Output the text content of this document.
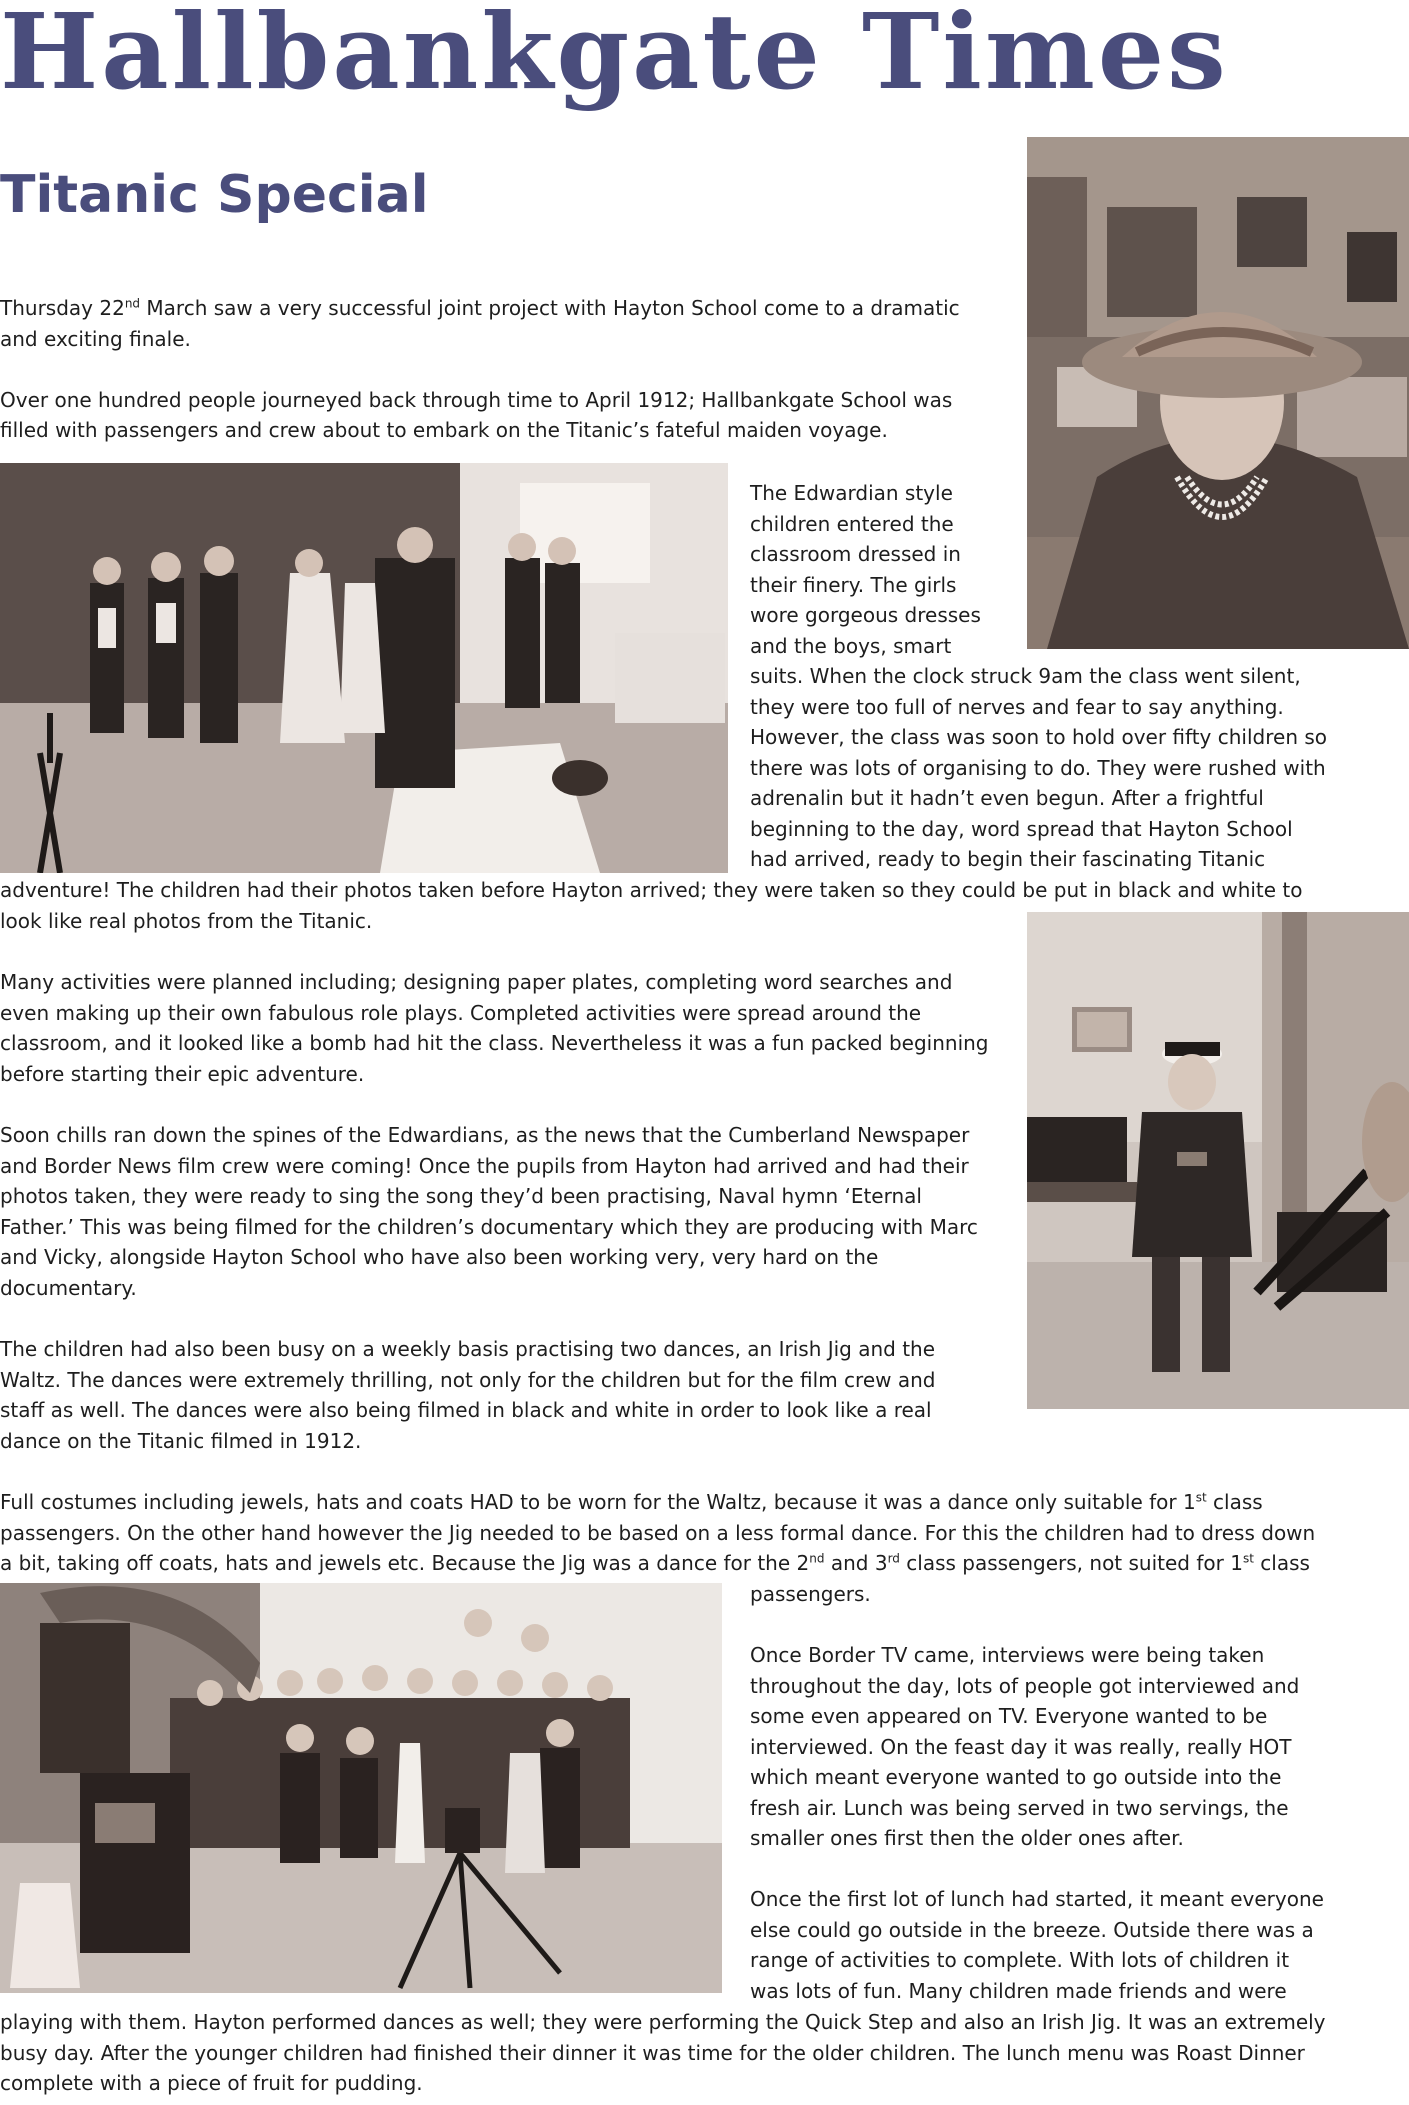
Hallbankgate Times
Titanic Special
Thursday 22nd March saw a very successful joint project with Hayton School come to a dramatic
and exciting finale.
Over one hundred people journeyed back through time to April 1912; Hallbankgate School was
filled with passengers and crew about to embark on the Titanic’s fateful maiden voyage.
The Edwardian style
children entered the
classroom dressed in
their finery. The girls
wore gorgeous dresses
and the boys, smart
suits. When the clock struck 9am the class went silent,
they were too full of nerves and fear to say anything.
However, the class was soon to hold over fifty children so
there was lots of organising to do. They were rushed with
adrenalin but it hadn’t even begun. After a frightful
beginning to the day, word spread that Hayton School
had arrived, ready to begin their fascinating Titanic
adventure! The children had their photos taken before Hayton arrived; they were taken so they could be put in black and white to
look like real photos from the Titanic.
Many activities were planned including; designing paper plates, completing word searches and
even making up their own fabulous role plays. Completed activities were spread around the
classroom, and it looked like a bomb had hit the class. Nevertheless it was a fun packed beginning
before starting their epic adventure.
Soon chills ran down the spines of the Edwardians, as the news that the Cumberland Newspaper
and Border News film crew were coming! Once the pupils from Hayton had arrived and had their
photos taken, they were ready to sing the song they’d been practising, Naval hymn ‘Eternal
Father.’ This was being filmed for the children’s documentary which they are producing with Marc
and Vicky, alongside Hayton School who have also been working very, very hard on the
documentary.
The children had also been busy on a weekly basis practising two dances, an Irish Jig and the
Waltz. The dances were extremely thrilling, not only for the children but for the film crew and
staff as well. The dances were also being filmed in black and white in order to look like a real
dance on the Titanic filmed in 1912.
Full costumes including jewels, hats and coats HAD to be worn for the Waltz, because it was a dance only suitable for 1st class
passengers. On the other hand however the Jig needed to be based on a less formal dance. For this the children had to dress down
a bit, taking off coats, hats and jewels etc. Because the Jig was a dance for the 2nd and 3rd class passengers, not suited for 1st class
passengers.
Once Border TV came, interviews were being taken
throughout the day, lots of people got interviewed and
some even appeared on TV. Everyone wanted to be
interviewed. On the feast day it was really, really HOT
which meant everyone wanted to go outside into the
fresh air. Lunch was being served in two servings, the
smaller ones first then the older ones after.
Once the first lot of lunch had started, it meant everyone
else could go outside in the breeze. Outside there was a
range of activities to complete. With lots of children it
was lots of fun. Many children made friends and were
playing with them. Hayton performed dances as well; they were performing the Quick Step and also an Irish Jig. It was an extremely
busy day. After the younger children had finished their dinner it was time for the older children. The lunch menu was Roast Dinner
complete with a piece of fruit for pudding.
